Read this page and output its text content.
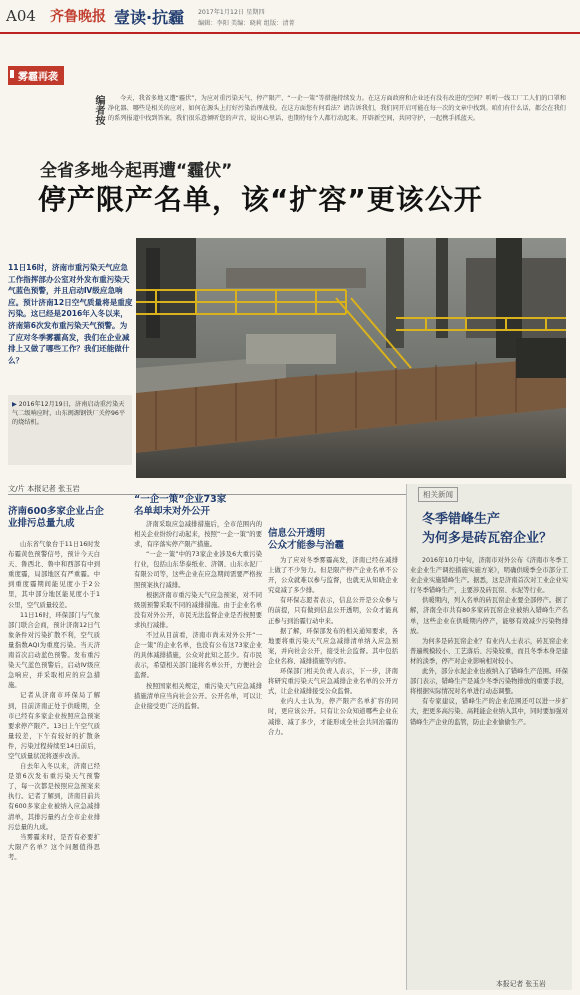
A04 齐鲁晚报 壹读·抗霾 2017年1月12日 星期四
编辑：李阳 美编：晓莉 组版：清菁
雾霾再袭
编者按	今天，我省多地又遭“霾伏”，为应对重污染天气，停产限产、“一企一策”等措施持续发力。在这方面政府和企业还有没有改进的空间？听听一线工厂工人们的口罩和净化器、哪些是相关的应对，如何在源头上打好污染治理战役。在这方面您有何看法？请告诉我们，我们同开启可能在每一次的文章中找到。咱们有什么话，都会在我们的系列报道中找到答案，我们很乐意倾听您的声音，说出心里话，也期待每个人都行动起来。开辟新空间，共同守护，一起携手抓蓝天。
全省多地今起再遭“霾伏”
停产限产名单，该“扩容”更该公开
11日16时，济南市重污染天气应急工作指挥部办公室对外发布重污染天气蓝色预警，并且启动Ⅳ级应急响应。预计济南12日空气质量将是重度污染。这已经是2016年入冬以来，济南第6次发布重污染天气预警。为了应对冬季雾霾高发，我们在企业减排上又做了哪些工作？我们还能做什么？
▶ 2016年12月19日，济南启动重污染天气二级响应时，山东闽源钢铁厂关停96平的烧结机。
文/片 本报记者 张玉岩
济南600多家企业占企业排污总量九成

山东省气象台于11日16时发布霾黄色预警信号，预计今天白天、鲁西北、鲁中和西部有中到重度霾，局部地区有严重霾。中到重度霾期间能见度小于2公里，其中部分地区能见度小于1公里，空气质量较差。

11日16时，环保部门与气象部门联合会商，预计济南12日气象条件对污染扩散不利，空气质量指数AQI为重度污染。当天济南首次启动蓝色预警。发布重污染天气蓝色预警后，启动Ⅳ级应急响应，并采取相应的应急措施。

记者从济南市环保局了解到，目前济南正处于供暖期，全市已经有多家企业按照应急预案要求停产限产。13日上午空气质量较差，下午有较好的扩散条件，污染过程持续至14日前后，空气质量状况将逐步改善。

自去年入冬以来，济南已经是第6次发布重污染天气预警了，每一次都是按照应急预案来执行。记者了解到，济南目前共有600多家企业被纳入应急减排清单，其排污量约占全市企业排污总量的九成。

当雾霾来时，是否有必要扩大限产名单？这个问题值得思考。

“一企一策”企业73家
名单却未对外公开

济南采取应急减排措施后，全市范围内的相关企业纷纷行动起来，按照“一企一策”的要求，有序落实停产限产措施。

“一企一策”中的73家企业涉及6大重污染行业，包括山东华泰纸业、济钢、山东水泥厂有限公司等，这些企业在应急期间需要严格按照预案执行减排。

根据济南市重污染天气应急预案，对不同级别预警采取不同的减排措施。由于企业名单没有对外公开，市民无法监督企业是否按照要求执行减排。

不过从目前看，济南市尚未对外公开“一企一策”的企业名单，也没有公布这73家企业的具体减排措施，公众对此知之甚少。有市民表示，希望相关部门能将名单公开，方便社会监督。

按照国家相关规定，重污染天气应急减排措施清单应当向社会公开。公开名单，可以让企业接受更广泛的监督。

信息公开透明
公众才能参与治霾

为了应对冬季雾霾高发，济南已经在减排上做了不少努力。但是限产停产企业名单不公开，公众就难以参与监督，也就无从知晓企业究竟减了多少排。

有环保志愿者表示，信息公开是公众参与的前提，只有做到信息公开透明，公众才能真正参与到治霾行动中来。

据了解，环保部发布的相关通知要求，各地要将重污染天气应急减排清单纳入应急预案，并向社会公开，接受社会监督。其中包括企业名称、减排措施等内容。

环保部门相关负责人表示，下一步，济南将研究重污染天气应急减排企业名单的公开方式，让企业减排接受公众监督。

业内人士认为，停产限产名单扩容的同时，更应该公开。只有让公众知道哪些企业在减排、减了多少，才能形成全社会共同治霾的合力。

相关新闻
冬季错峰生产
为何多是砖瓦窑企业？

2016年10月中旬，济南市对外公布《济南市冬季工业企业生产调控措施实施方案》，明确供暖季全市部分工业企业实施错峰生产。据悉，这是济南首次对工业企业实行冬季错峰生产，主要涉及砖瓦窑、水泥等行业。

供暖期内，列入名单的砖瓦窑企业要全部停产。据了解，济南全市共有80多家砖瓦窑企业被纳入错峰生产名单，这些企业在供暖期内停产，能够有效减少污染物排放。

为何多是砖瓦窑企业？有业内人士表示，砖瓦窑企业普遍规模较小、工艺落后、污染较重，而且冬季本身是建材的淡季，停产对企业影响相对较小。

此外，部分水泥企业也被纳入了错峰生产范围。环保部门表示，错峰生产是减少冬季污染物排放的重要手段，将根据实际情况对名单进行动态调整。

有专家建议，错峰生产的企业范围还可以进一步扩大，把更多高污染、高耗能企业纳入其中，同时要加强对错峰生产企业的监管，防止企业偷偷生产。

本报记者 张玉岩
